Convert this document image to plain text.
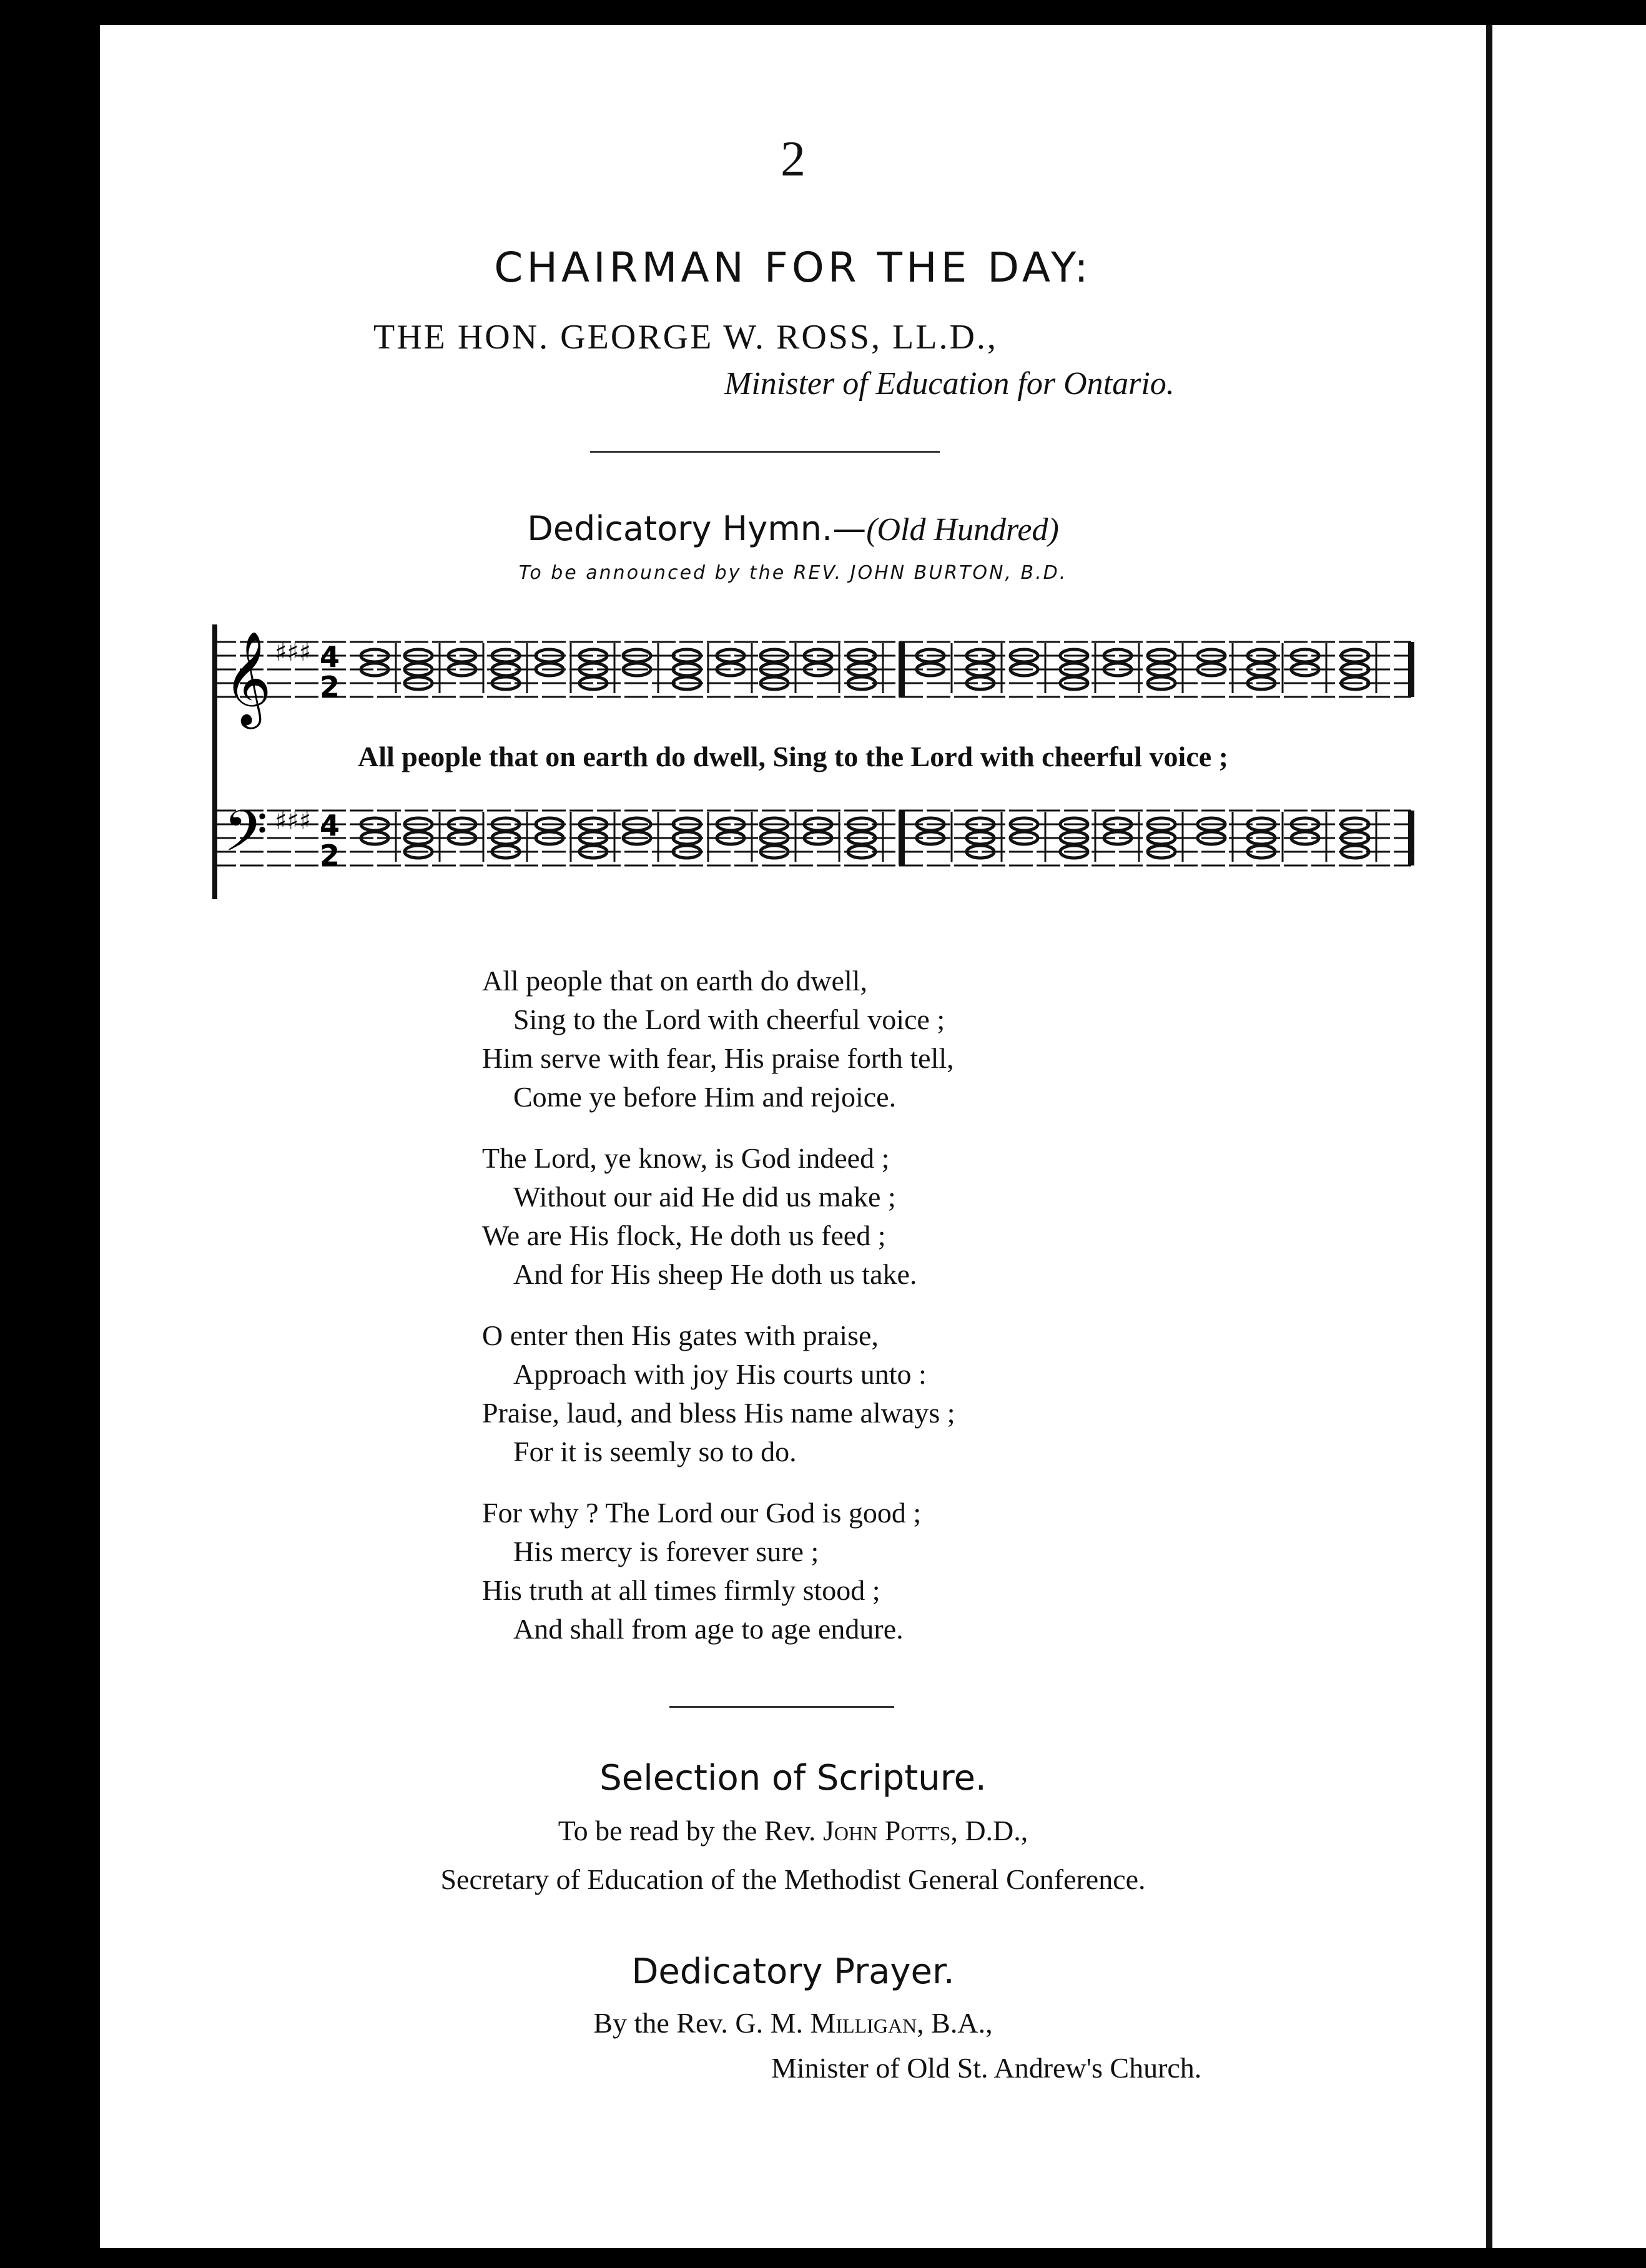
2
CHAIRMAN FOR THE DAY:
THE HON. GEORGE W. ROSS, LL.D.,
Minister of Education for Ontario.
Dedicatory Hymn.—(Old Hundred)
To be announced by the REV. JOHN BURTON, B.D.
𝄞
𝄢
♯♯♯
♯♯♯
4
2
4
2
All people that on earth do dwell, Sing to the Lord with cheerful voice ;
All people that on earth do dwell,
Sing to the Lord with cheerful voice ;
Him serve with fear, His praise forth tell,
Come ye before Him and rejoice.
The Lord, ye know, is God indeed ;
Without our aid He did us make ;
We are His flock, He doth us feed ;
And for His sheep He doth us take.
O enter then His gates with praise,
Approach with joy His courts unto :
Praise, laud, and bless His name always ;
For it is seemly so to do.
For why ? The Lord our God is good ;
His mercy is forever sure ;
His truth at all times firmly stood ;
And shall from age to age endure.
Selection of Scripture.
To be read by the Rev. John Potts, D.D.,
Secretary of Education of the Methodist General Conference.
Dedicatory Prayer.
By the Rev. G. M. Milligan, B.A.,
Minister of Old St. Andrew's Church.
